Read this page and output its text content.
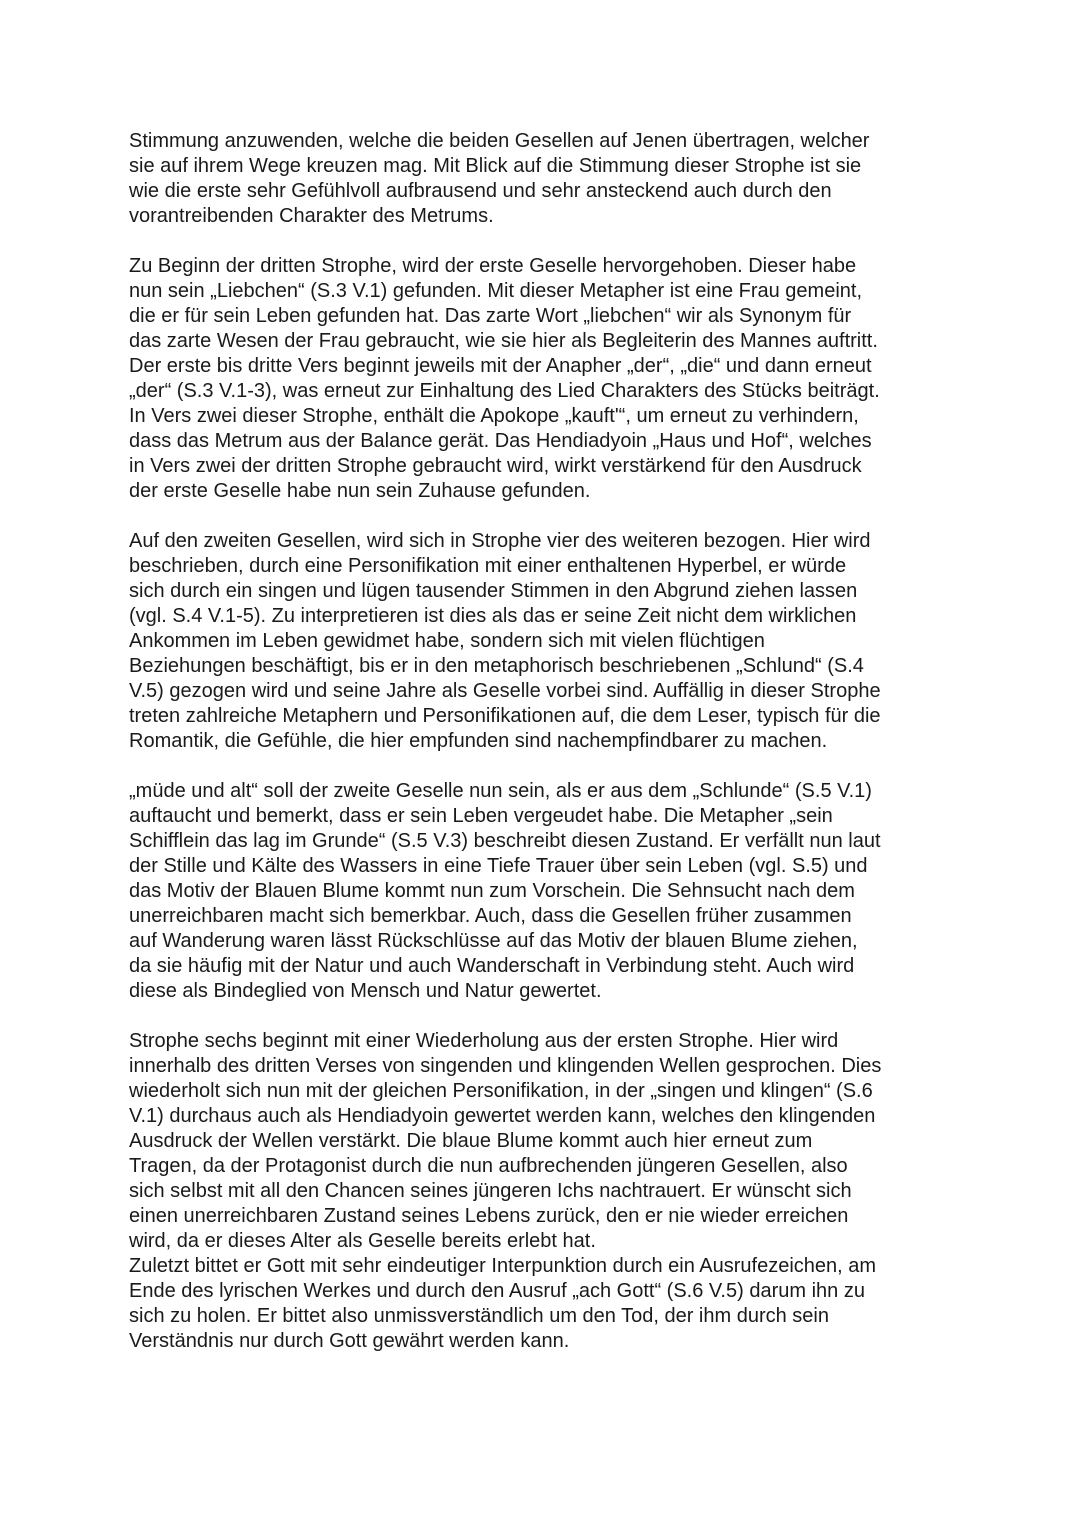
Stimmung anzuwenden, welche die beiden Gesellen auf Jenen übertragen, welcher
sie auf ihrem Wege kreuzen mag. Mit Blick auf die Stimmung dieser Strophe ist sie
wie die erste sehr Gefühlvoll aufbrausend und sehr ansteckend auch durch den
vorantreibenden Charakter des Metrums.
Zu Beginn der dritten Strophe, wird der erste Geselle hervorgehoben. Dieser habe
nun sein „Liebchen“ (S.3 V.1) gefunden. Mit dieser Metapher ist eine Frau gemeint,
die er für sein Leben gefunden hat. Das zarte Wort „liebchen“ wir als Synonym für
das zarte Wesen der Frau gebraucht, wie sie hier als Begleiterin des Mannes auftritt.
Der erste bis dritte Vers beginnt jeweils mit der Anapher „der“, „die“ und dann erneut
„der“ (S.3 V.1-3), was erneut zur Einhaltung des Lied Charakters des Stücks beiträgt.
In Vers zwei dieser Strophe, enthält die Apokope „kauft'“, um erneut zu verhindern,
dass das Metrum aus der Balance gerät. Das Hendiadyoin „Haus und Hof“, welches
in Vers zwei der dritten Strophe gebraucht wird, wirkt verstärkend für den Ausdruck
der erste Geselle habe nun sein Zuhause gefunden.
Auf den zweiten Gesellen, wird sich in Strophe vier des weiteren bezogen. Hier wird
beschrieben, durch eine Personifikation mit einer enthaltenen Hyperbel, er würde
sich durch ein singen und lügen tausender Stimmen in den Abgrund ziehen lassen
(vgl. S.4 V.1-5). Zu interpretieren ist dies als das er seine Zeit nicht dem wirklichen
Ankommen im Leben gewidmet habe, sondern sich mit vielen flüchtigen
Beziehungen beschäftigt, bis er in den metaphorisch beschriebenen „Schlund“ (S.4
V.5) gezogen wird und seine Jahre als Geselle vorbei sind. Auffällig in dieser Strophe
treten zahlreiche Metaphern und Personifikationen auf, die dem Leser, typisch für die
Romantik, die Gefühle, die hier empfunden sind nachempfindbarer zu machen.
„müde und alt“ soll der zweite Geselle nun sein, als er aus dem „Schlunde“ (S.5 V.1)
auftaucht und bemerkt, dass er sein Leben vergeudet habe. Die Metapher „sein
Schifflein das lag im Grunde“ (S.5 V.3) beschreibt diesen Zustand. Er verfällt nun laut
der Stille und Kälte des Wassers in eine Tiefe Trauer über sein Leben (vgl. S.5) und
das Motiv der Blauen Blume kommt nun zum Vorschein. Die Sehnsucht nach dem
unerreichbaren macht sich bemerkbar. Auch, dass die Gesellen früher zusammen
auf Wanderung waren lässt Rückschlüsse auf das Motiv der blauen Blume ziehen,
da sie häufig mit der Natur und auch Wanderschaft in Verbindung steht. Auch wird
diese als Bindeglied von Mensch und Natur gewertet.
Strophe sechs beginnt mit einer Wiederholung aus der ersten Strophe. Hier wird
innerhalb des dritten Verses von singenden und klingenden Wellen gesprochen. Dies
wiederholt sich nun mit der gleichen Personifikation, in der „singen und klingen“ (S.6
V.1) durchaus auch als Hendiadyoin gewertet werden kann, welches den klingenden
Ausdruck der Wellen verstärkt. Die blaue Blume kommt auch hier erneut zum
Tragen, da der Protagonist durch die nun aufbrechenden jüngeren Gesellen, also
sich selbst mit all den Chancen seines jüngeren Ichs nachtrauert. Er wünscht sich
einen unerreichbaren Zustand seines Lebens zurück, den er nie wieder erreichen
wird, da er dieses Alter als Geselle bereits erlebt hat.
Zuletzt bittet er Gott mit sehr eindeutiger Interpunktion durch ein Ausrufezeichen, am
Ende des lyrischen Werkes und durch den Ausruf „ach Gott“ (S.6 V.5) darum ihn zu
sich zu holen. Er bittet also unmissverständlich um den Tod, der ihm durch sein
Verständnis nur durch Gott gewährt werden kann.
